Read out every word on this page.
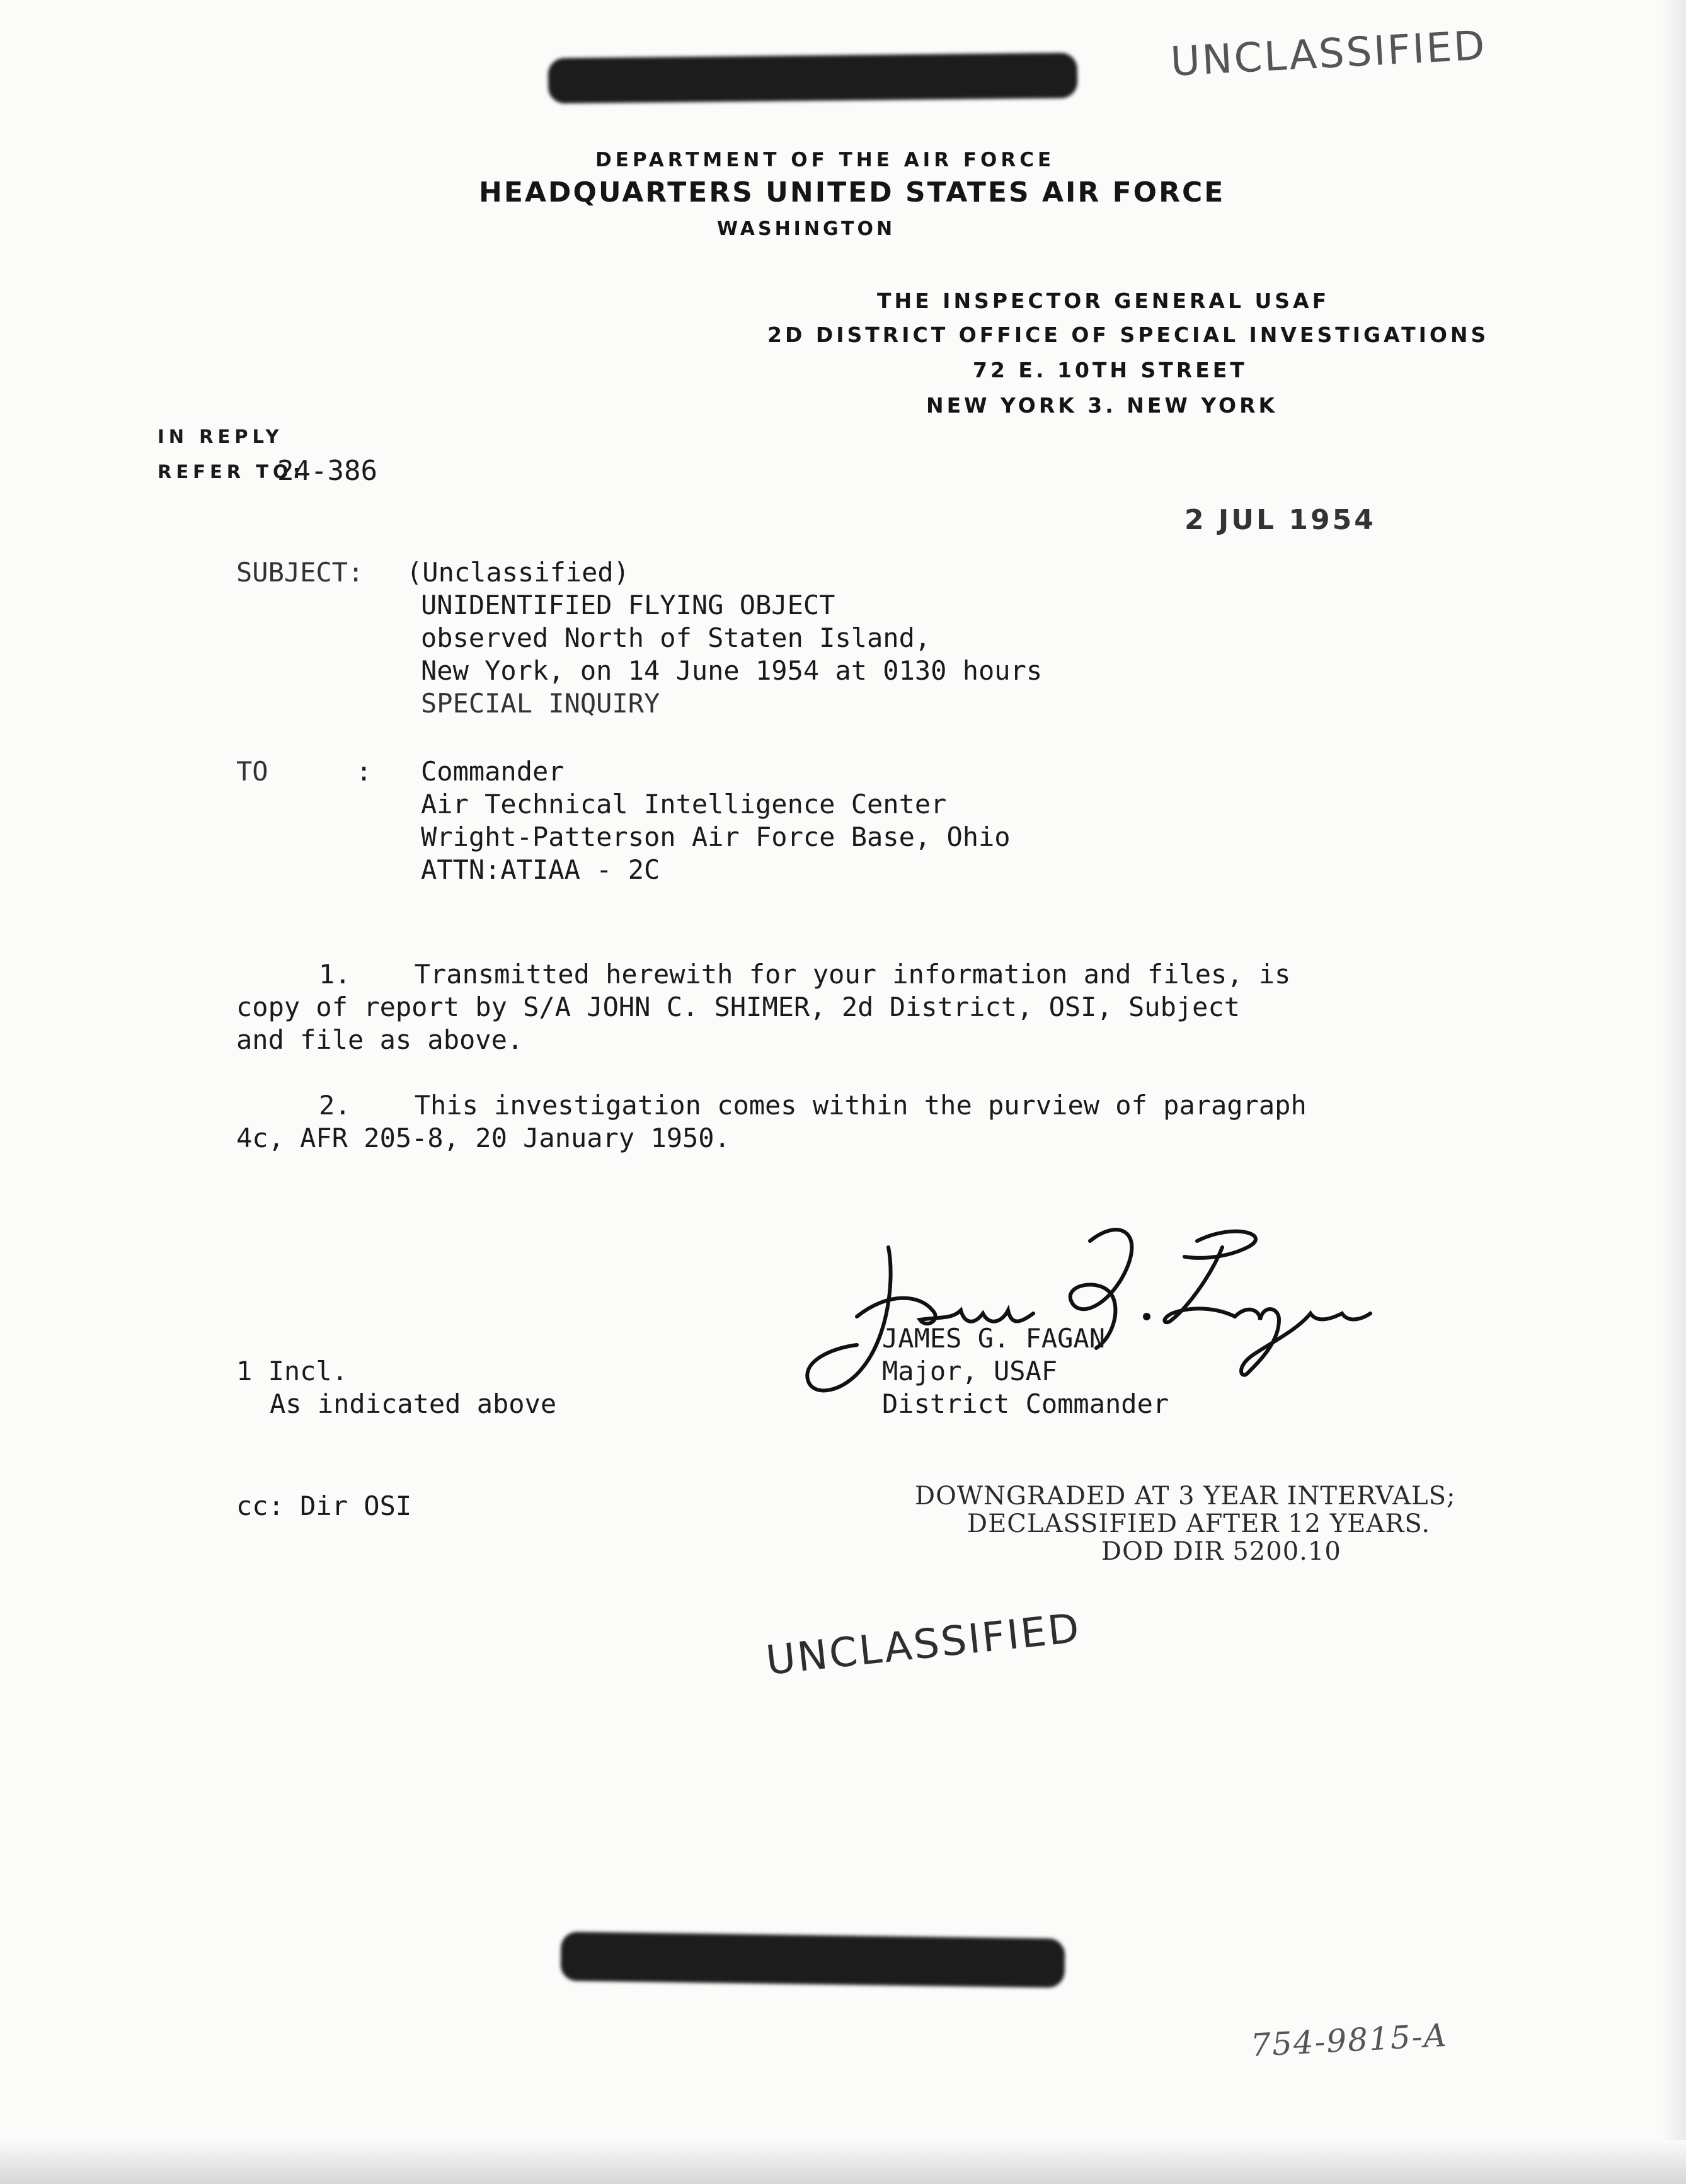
UNCLASSIFIED
DEPARTMENT OF THE AIR FORCE
HEADQUARTERS UNITED STATES AIR FORCE
WASHINGTON
THE INSPECTOR GENERAL USAF
2D DISTRICT OFFICE OF SPECIAL INVESTIGATIONS
72 E. 10TH STREET
NEW YORK 3. NEW YORK
IN REPLY
REFER TO:
24-386
2 JUL 1954
SUBJECT: (Unclassified)
UNIDENTIFIED FLYING OBJECT
observed North of Staten Island,
New York, on 14 June 1954 at 0130 hours
SPECIAL INQUIRY
TO	: Commander
Air Technical Intelligence Center
Wright-Patterson Air Force Base, Ohio
ATTN:ATIAA - 2C
1.    Transmitted herewith for your information and files, is
copy of report by S/A JOHN C. SHIMER, 2d District, OSI, Subject
and file as above.
2.    This investigation comes within the purview of paragraph
4c, AFR 205-8, 20 January 1950.
JAMES G. FAGAN
Major, USAF
District Commander
1 Incl.
As indicated above
cc: Dir OSI	DOWNGRADED AT 3 YEAR INTERVALS;
DECLASSIFIED AFTER 12 YEARS.
DOD DIR 5200.10
UNCLASSIFIED
754-9815-A
